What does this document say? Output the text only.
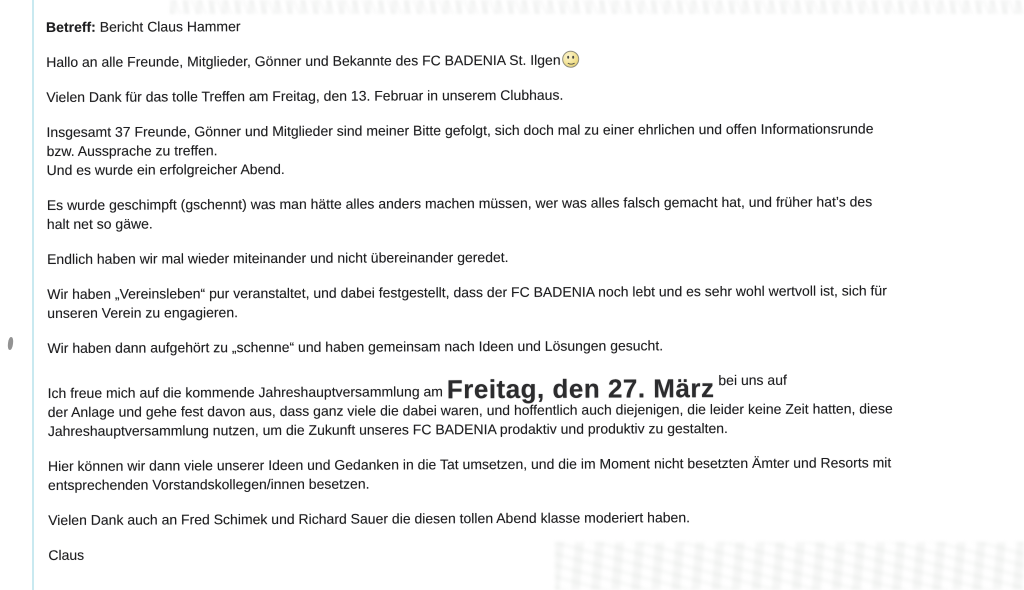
Betreff: Bericht Claus Hammer

Hallo an alle Freunde, Mitglieder, Gönner und Bekannte des FC BADENIA St. Ilgen

Vielen Dank für das tolle Treffen am Freitag, den 13. Februar in unserem Clubhaus.

Insgesamt 37 Freunde, Gönner und Mitglieder sind meiner Bitte gefolgt, sich doch mal zu einer ehrlichen und offen Informationsrunde bzw. Aussprache zu treffen.
Und es wurde ein erfolgreicher Abend.

Es wurde geschimpft (gschennt) was man hätte alles anders machen müssen, wer was alles falsch gemacht hat, und früher hat’s des halt net so gäwe.

Endlich haben wir mal wieder miteinander und nicht übereinander geredet.

Wir haben „Vereinsleben“ pur veranstaltet, und dabei festgestellt, dass der FC BADENIA noch lebt und es sehr wohl wertvoll ist, sich für unseren Verein zu engagieren.

Wir haben dann aufgehört zu „schenne“ und haben gemeinsam nach Ideen und Lösungen gesucht.

Ich freue mich auf die kommende Jahreshauptversammlung am Freitag, den 27. März bei uns auf
der Anlage und gehe fest davon aus, dass ganz viele die dabei waren, und hoffentlich auch diejenigen, die leider keine Zeit hatten, diese Jahreshauptversammlung nutzen, um die Zukunft unseres FC BADENIA prodaktiv und produktiv zu gestalten.

Hier können wir dann viele unserer Ideen und Gedanken in die Tat umsetzen, und die im Moment nicht besetzten Ämter und Resorts mit entsprechenden Vorstandskollegen/innen besetzen.

Vielen Dank auch an Fred Schimek und Richard Sauer die diesen tollen Abend klasse moderiert haben.

Claus
